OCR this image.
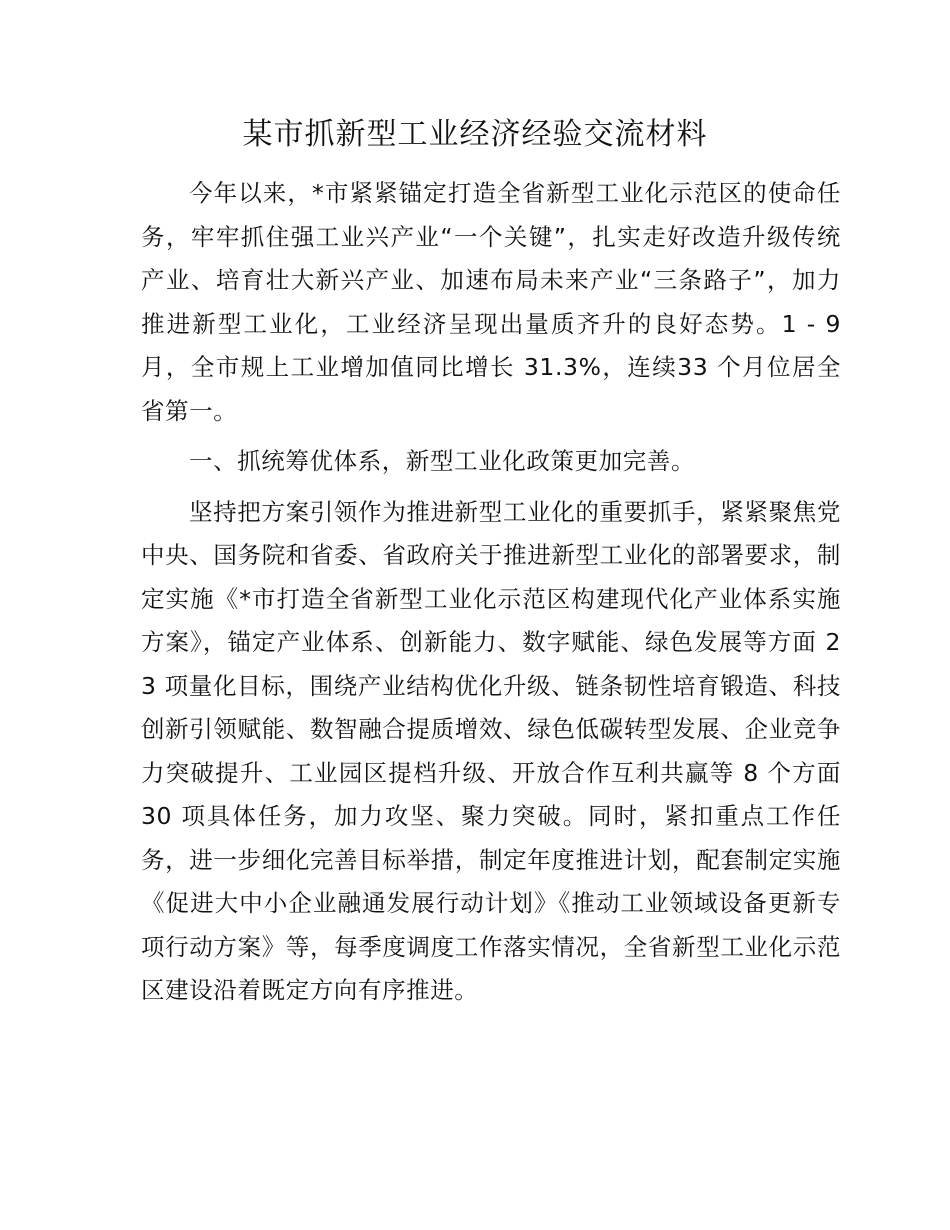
某市抓新型工业经济经验交流材料

今年以来，*市紧紧锚定打造全省新型工业化示范区的使命任务，牢牢抓住强工业兴产业“一个关键”，扎实走好改造升级传统产业、培育壮大新兴产业、加速布局未来产业“三条路子”，加力推进新型工业化，工业经济呈现出量质齐升的良好态势。1 - 9 月，全市规上工业增加值同比增长 31.3%，连续33 个月位居全省第一。

一、抓统筹优体系，新型工业化政策更加完善。

坚持把方案引领作为推进新型工业化的重要抓手，紧紧聚焦党中央、国务院和省委、省政府关于推进新型工业化的部署要求，制定实施《*市打造全省新型工业化示范区构建现代化产业体系实施方案》，锚定产业体系、创新能力、数字赋能、绿色发展等方面 23 项量化目标，围绕产业结构优化升级、链条韧性培育锻造、科技创新引领赋能、数智融合提质增效、绿色低碳转型发展、企业竞争力突破提升、工业园区提档升级、开放合作互利共赢等 8 个方面 30 项具体任务，加力攻坚、聚力突破。同时，紧扣重点工作任务，进一步细化完善目标举措，制定年度推进计划，配套制定实施《促进大中小企业融通发展行动计划》《推动工业领域设备更新专项行动方案》等，每季度调度工作落实情况，全省新型工业化示范区建设沿着既定方向有序推进。
